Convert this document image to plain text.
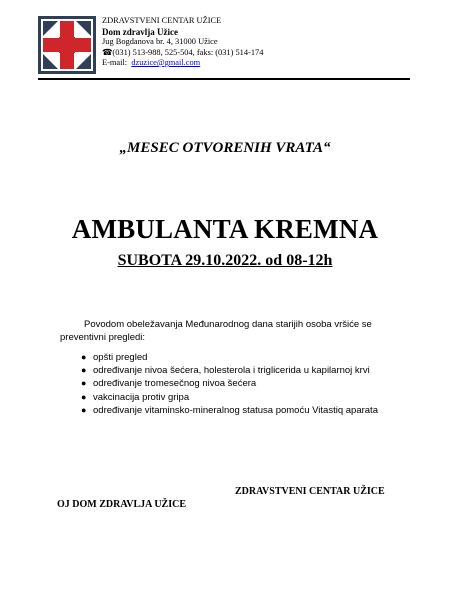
ZDRAVSTVENI CENTAR UŽICE
Dom zdravlja Užice
Jug Bogdanova br. 4, 31000 Užice
☎(031) 513-988, 525-504, faks: (031) 514-174
E-mail: dzuzice@gmail.com
„MESEC OTVORENIH VRATA“
AMBULANTA KREMNA
SUBOTA 29.10.2022. od 08-12h
Povodom obeležavanja Međunarodnog dana starijih osoba vršiće se preventivni pregledi:
● opšti pregled
● određivanje nivoa šećera, holesterola i triglicerida u kapilarnoj krvi
● određivanje tromesečnog nivoa šećera
● vakcinacija protiv gripa
● određivanje vitaminsko-mineralnog statusa pomoću Vitastiq aparata
ZDRAVSTVENI CENTAR UŽICE
OJ DOM ZDRAVLJA UŽICE
